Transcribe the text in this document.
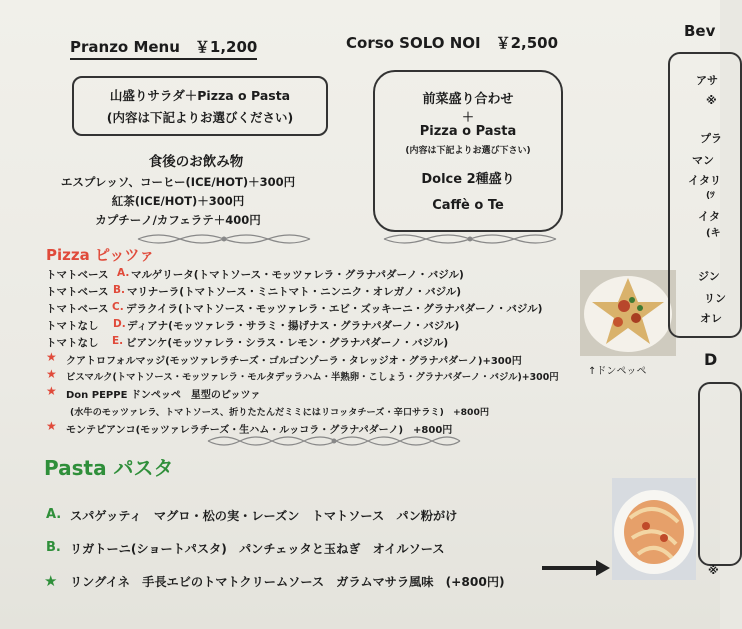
Pranzo Menu　￥1,200
山盛りサラダ＋Pizza o Pasta
(内容は下記よりお選びください)
食後のお飲み物
エスプレッソ、コーヒー(ICE/HOT)＋300円
紅茶(ICE/HOT)＋300円
カプチーノ/カフェラテ＋400円
Corso SOLO NOI　￥2,500
前菜盛り合わせ
＋
Pizza o Pasta
(内容は下記よりお選び下さい)
Dolce 2種盛り
Caffè o Te
Pizza ピッツァ
トマトベース A. マルゲリータ(トマトソース・モッツァレラ・グラナパダーノ・バジル)
トマトベース B. マリナーラ(トマトソース・ミニトマト・ニンニク・オレガノ・バジル)
トマトベース C. デラクイラ(トマトソース・モッツァレラ・エビ・ズッキーニ・グラナパダーノ・バジル)
トマトなし D. ディアナ(モッツァレラ・サラミ・揚げナス・グラナパダーノ・バジル)
トマトなし E. ビアンケ(モッツァレラ・シラス・レモン・グラナパダーノ・バジル)
★ クアトロフォルマッジ(モッツァレラチーズ・ゴルゴンゾーラ・タレッジオ・グラナパダーノ)+300円
★ ビスマルク(トマトソース・モッツァレラ・モルタデッラハム・半熟卵・こしょう・グラナパダーノ・バジル)+300円
★ Don PEPPE ドンペッペ　星型のピッツァ
(水牛のモッツァレラ、トマトソース、折りたたんだミミにはリコッタチーズ・辛口サラミ)　+800円
★ モンテピアンコ(モッツァレラチーズ・生ハム・ルッコラ・グラナパダーノ)　+800円
↑ドンペッペ
Pasta パスタ
A. スパゲッティ　マグロ・松の実・レーズン　トマトソース　パン粉がけ
B. リガトーニ(ショートパスタ)　パンチェッタと玉ねぎ　オイルソース
★ リングイネ　手長エビのトマトクリームソース　ガラムマサラ風味　(+800円)
Bev
アサ
※
プラ
マン
イタリ
(ﾂ
イタ
(キ
ジン
リン
オレ
D
※
